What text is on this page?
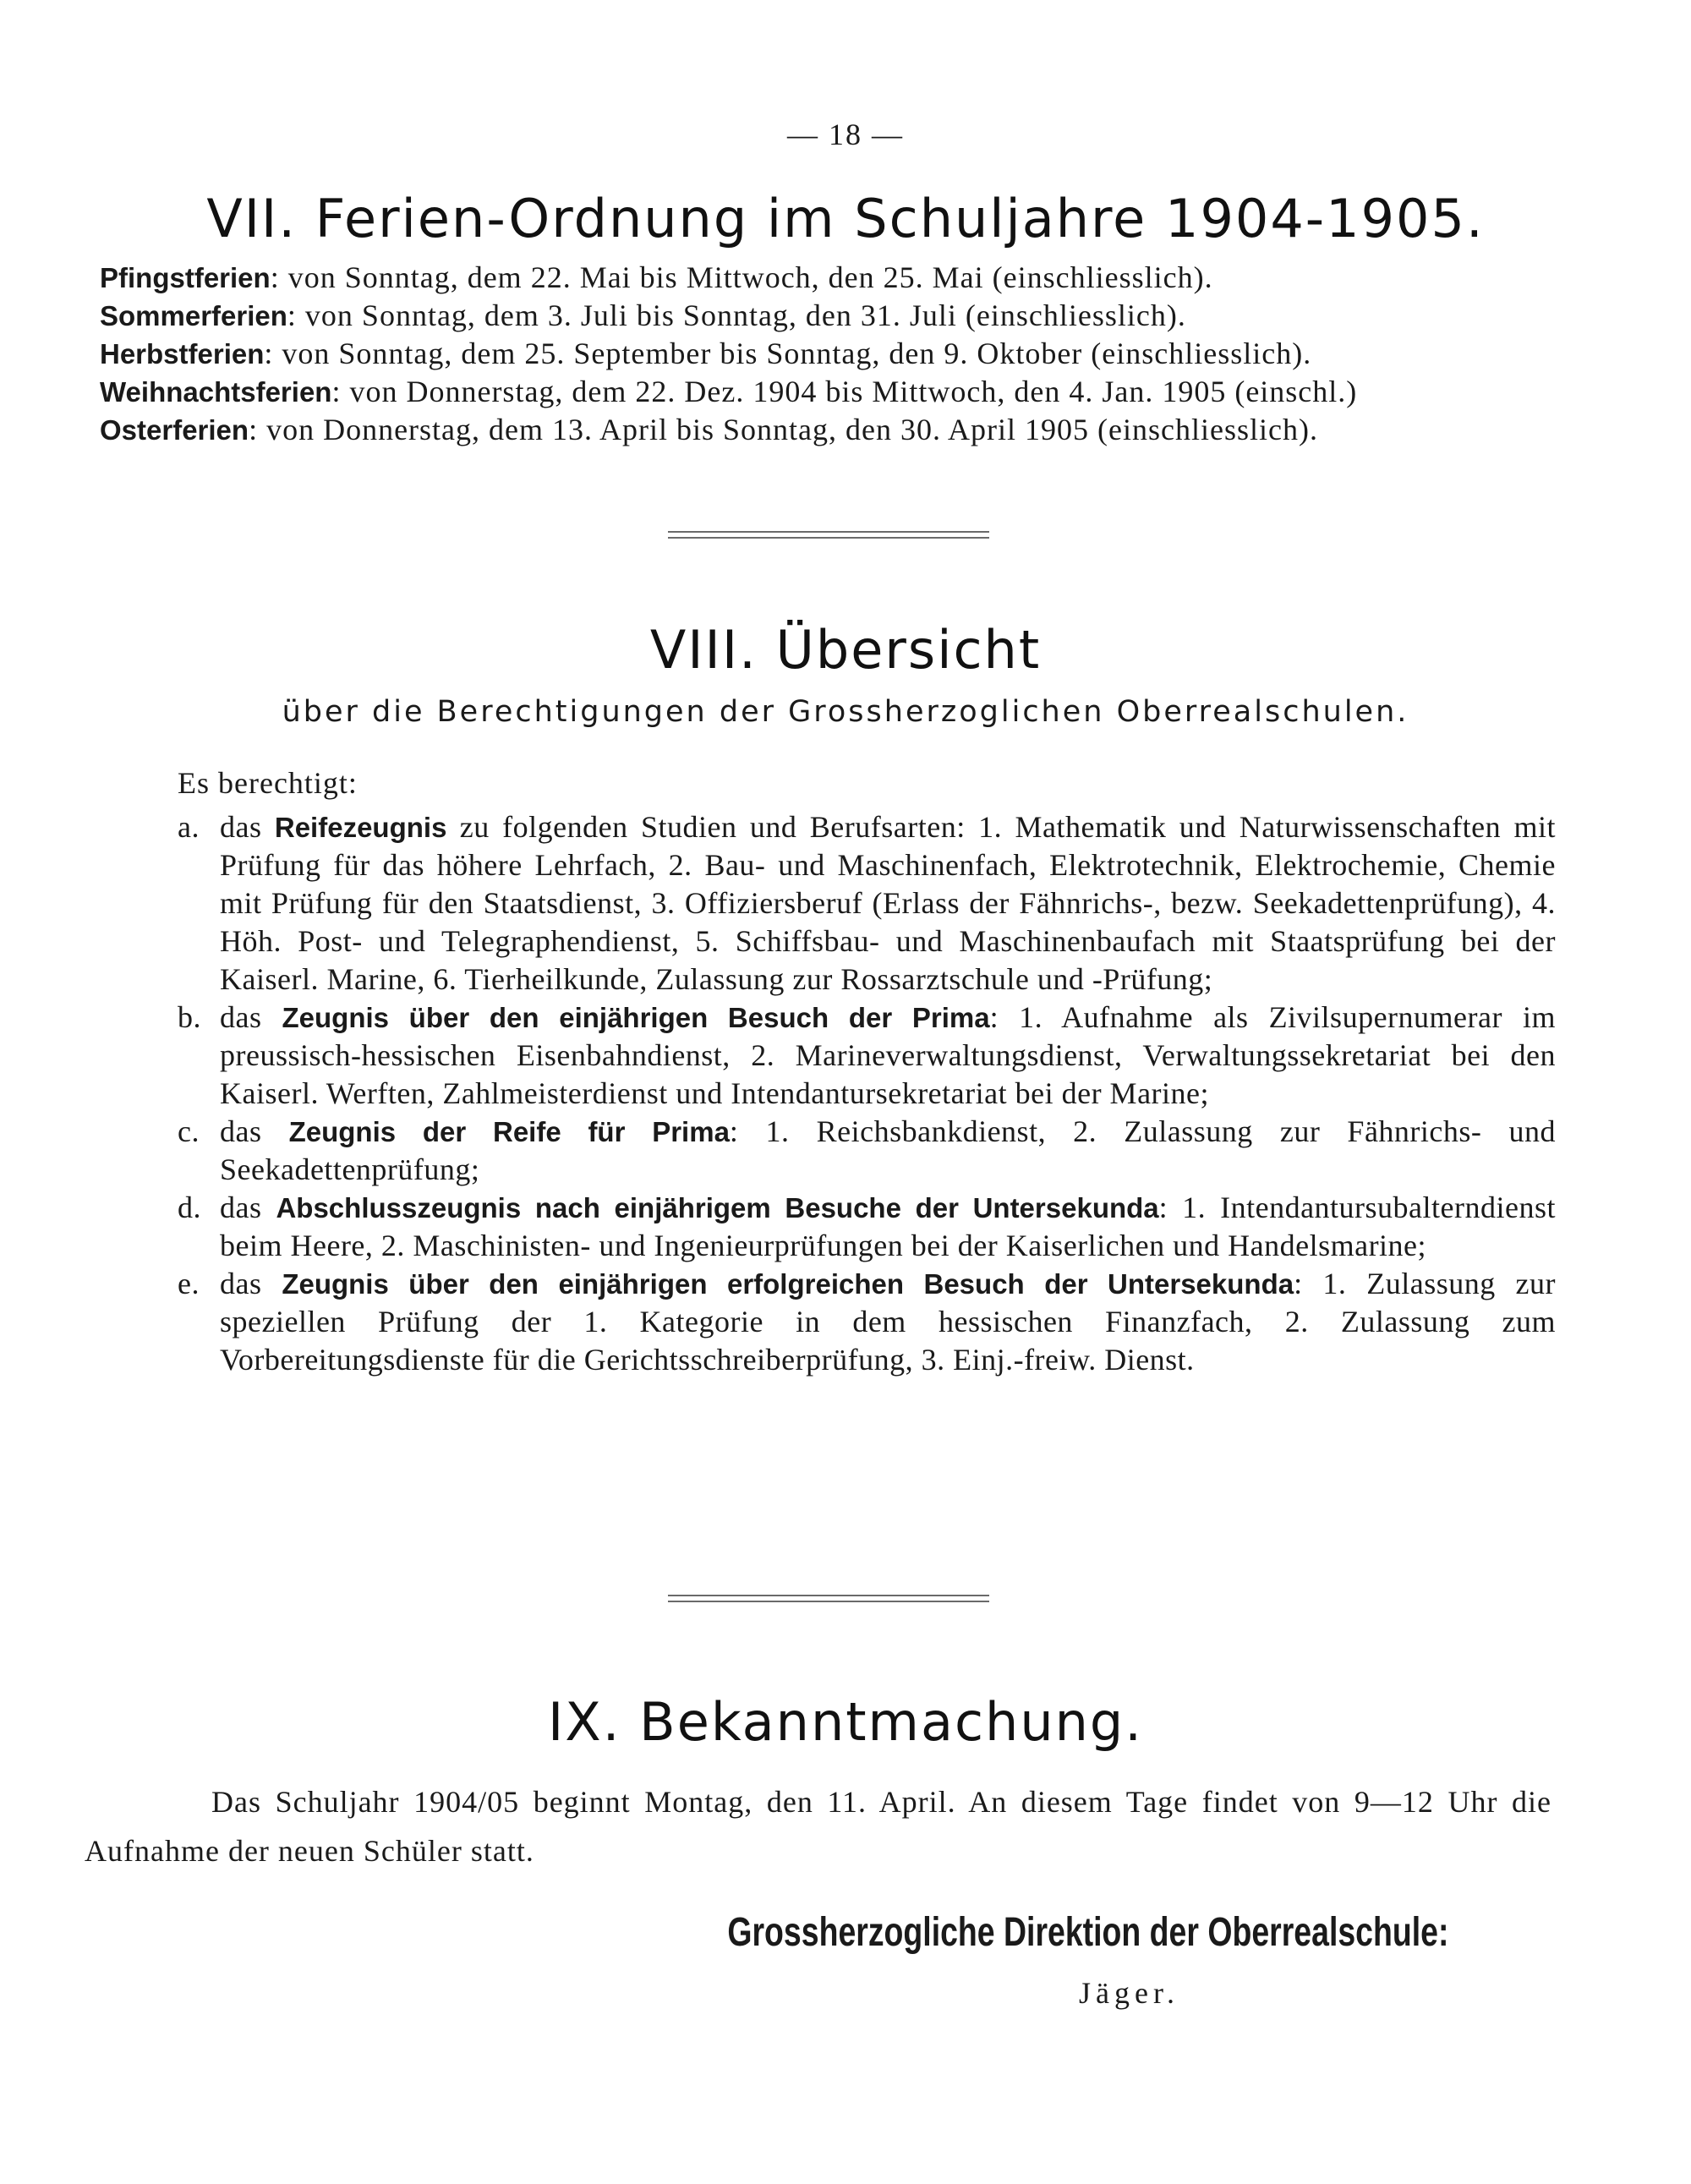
— 18 —
VII. Ferien-Ordnung im Schuljahre 1904-1905.
Pfingstferien: von Sonntag, dem 22. Mai bis Mittwoch, den 25. Mai (einschliesslich).
Sommerferien: von Sonntag, dem 3. Juli bis Sonntag, den 31. Juli (einschliesslich).
Herbstferien: von Sonntag, dem 25. September bis Sonntag, den 9. Oktober (einschliesslich).
Weihnachtsferien: von Donnerstag, dem 22. Dez. 1904 bis Mittwoch, den 4. Jan. 1905 (einschl.)
Osterferien: von Donnerstag, dem 13. April bis Sonntag, den 30. April 1905 (einschliesslich).
VIII. Übersicht
über die Berechtigungen der Grossherzoglichen Oberrealschulen.
Es berechtigt:
a. das Reifezeugnis zu folgenden Studien und Berufsarten: 1. Mathematik und Naturwissenschaften mit Prüfung für das höhere Lehrfach, 2. Bau- und Maschinenfach, Elektrotechnik, Elektrochemie, Chemie mit Prüfung für den Staatsdienst, 3. Offiziersberuf (Erlass der Fähnrichs-, bezw. Seekadettenprüfung), 4. Höh. Post- und Telegraphendienst, 5. Schiffsbau- und Maschinenbaufach mit Staatsprüfung bei der Kaiserl. Marine, 6. Tierheilkunde, Zulassung zur Rossarztschule und -Prüfung;
b. das Zeugnis über den einjährigen Besuch der Prima: 1. Aufnahme als Zivilsupernumerar im preussisch-hessischen Eisenbahndienst, 2. Marineverwaltungsdienst, Verwaltungssekretariat bei den Kaiserl. Werften, Zahlmeisterdienst und Intendantursekretariat bei der Marine;
c. das Zeugnis der Reife für Prima: 1. Reichsbankdienst, 2. Zulassung zur Fähnrichs- und Seekadettenprüfung;
d. das Abschlusszeugnis nach einjährigem Besuche der Untersekunda: 1. Intendantursubalterndienst beim Heere, 2. Maschinisten- und Ingenieurprüfungen bei der Kaiserlichen und Handelsmarine;
e. das Zeugnis über den einjährigen erfolgreichen Besuch der Untersekunda: 1. Zulassung zur speziellen Prüfung der 1. Kategorie in dem hessischen Finanzfach, 2. Zulassung zum Vorbereitungsdienste für die Gerichtsschreiberprüfung, 3. Einj.-freiw. Dienst.
IX. Bekanntmachung.
Das Schuljahr 1904/05 beginnt Montag, den 11. April. An diesem Tage findet von 9—12 Uhr die Aufnahme der neuen Schüler statt.
Grossherzogliche Direktion der Oberrealschule:
Jäger.
